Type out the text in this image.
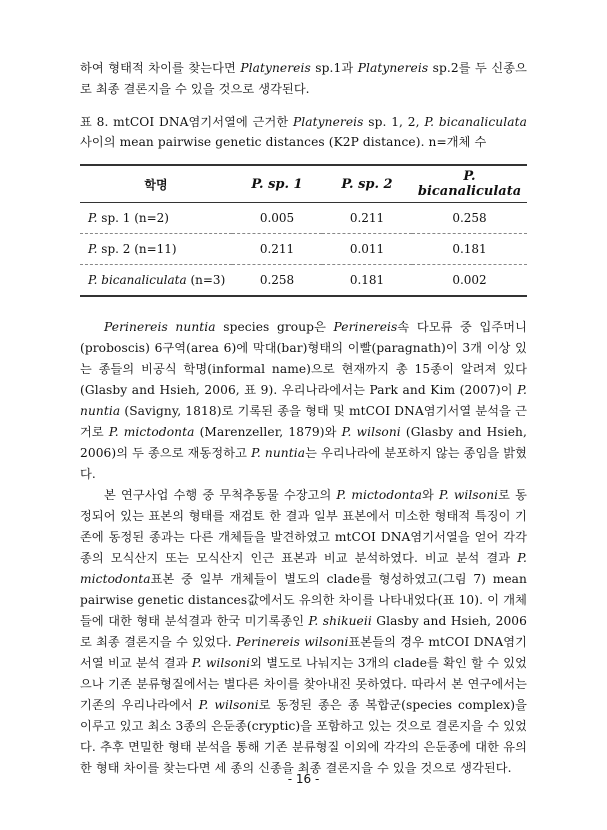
하여 형태적 차이를 찾는다면 Platynereis sp.1과 Platynereis sp.2를 두 신종으로 최종 결론지을 수 있을 것으로 생각된다.

표 8. mtCOI DNA염기서열에 근거한 Platynereis sp. 1, 2, P. bicanaliculata사이의 mean pairwise genetic distances (K2P distance). n=개체 수

학명	P. sp. 1	P. sp. 2	P. bicanaliculata
P. sp. 1 (n=2)	0.005	0.211	0.258
P. sp. 2 (n=11)	0.211	0.011	0.181
P. bicanaliculata (n=3)	0.258	0.181	0.002

Perinereis nuntia species group은 Perinereis속 다모류 중 입주머니(proboscis) 6구역(area 6)에 막대(bar)형태의 이빨(paragnath)이 3개 이상 있는 종들의 비공식 학명(informal name)으로 현재까지 총 15종이 알려져 있다(Glasby and Hsieh, 2006, 표 9). 우리나라에서는 Park and Kim (2007)이 P. nuntia (Savigny, 1818)로 기록된 종을 형태 및 mtCOI DNA염기서열 분석을 근거로 P. mictodonta (Marenzeller, 1879)와 P. wilsoni (Glasby and Hsieh, 2006)의 두 종으로 재동정하고 P. nuntia는 우리나라에 분포하지 않는 종임을 밝혔다.

본 연구사업 수행 중 무척추동물 수장고의 P. mictodonta와 P. wilsoni로 동정되어 있는 표본의 형태를 재검토 한 결과 일부 표본에서 미소한 형태적 특징이 기존에 동정된 종과는 다른 개체들을 발견하였고 mtCOI DNA염기서열을 얻어 각각 종의 모식산지 또는 모식산지 인근 표본과 비교 분석하였다. 비교 분석 결과 P. mictodonta표본 중 일부 개체들이 별도의 clade를 형성하였고(그림 7) mean pairwise genetic distances값에서도 유의한 차이를 나타내었다(표 10). 이 개체들에 대한 형태 분석결과 한국 미기록종인 P. shikueii Glasby and Hsieh, 2006로 최종 결론지을 수 있었다. Perinereis wilsoni표본들의 경우 mtCOI DNA염기서열 비교 분석 결과 P. wilsoni외 별도로 나눠지는 3개의 clade를 확인 할 수 있었으나 기존 분류형질에서는 별다른 차이를 찾아내진 못하였다. 따라서 본 연구에서는 기존의 우리나라에서 P. wilsoni로 동정된 종은 종 복합군(species complex)을 이루고 있고 최소 3종의 은둔종(cryptic)을 포함하고 있는 것으로 결론지을 수 있었다. 추후 면밀한 형태 분석을 통해 기존 분류형질 이외에 각각의 은둔종에 대한 유의한 형태 차이를 찾는다면 세 종의 신종을 최종 결론지을 수 있을 것으로 생각된다.

- 16 -
